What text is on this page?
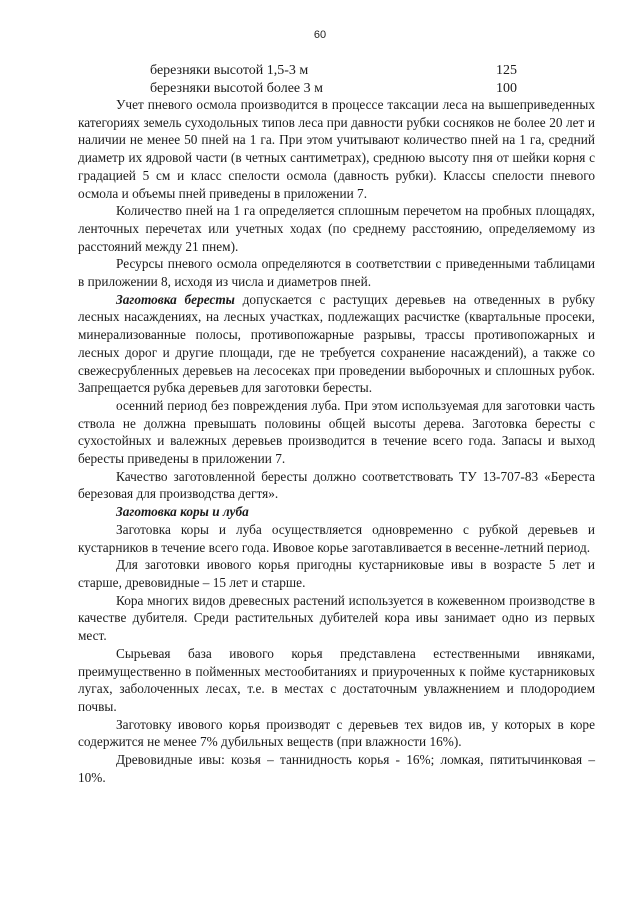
60
березняки высотой 1,5-3 м	125
березняки высотой более 3 м	100

Учет пневого осмола производится в процессе таксации леса на вышеприведенных категориях земель суходольных типов леса при давности рубки сосняков не более 20 лет и наличии не менее 50 пней на 1 га. При этом учитывают количество пней на 1 га, средний диаметр их ядровой части (в четных сантиметрах), среднюю высоту пня от шейки корня с градацией 5 см и класс спелости осмола (давность рубки). Классы спелости пневого осмола и объемы пней приведены в приложении 7.

Количество пней на 1 га определяется сплошным перечетом на пробных площадях, ленточных перечетах или учетных ходах (по среднему расстоянию, определяемому из расстояний между 21 пнем).

Ресурсы пневого осмола определяются в соответствии с приведенными таблицами в приложении 8, исходя из числа и диаметров пней.

Заготовка бересты допускается с растущих деревьев на отведенных в рубку лесных насаждениях, на лесных участках, подлежащих расчистке (квартальные просеки, минерализованные полосы, противопожарные разрывы, трассы противопожарных и лесных дорог и другие площади, где не требуется сохранение насаждений), а также со свежесрубленных деревьев на лесосеках при проведении выборочных и сплошных рубок. Запрещается рубка деревьев для заготовки бересты.

осенний период без повреждения луба. При этом используемая для заготовки часть ствола не должна превышать половины общей высоты дерева. Заготовка бересты с сухостойных и валежных деревьев производится в течение всего года. Запасы и выход бересты приведены в приложении 7.

Качество заготовленной бересты должно соответствовать ТУ 13-707-83 «Береста березовая для производства дегтя».

Заготовка коры и луба

Заготовка коры и луба осуществляется одновременно с рубкой деревьев и кустарников в течение всего года. Ивовое корье заготавливается в весенне-летний период.

Для заготовки ивового корья пригодны кустарниковые ивы в возрасте 5 лет и старше, древовидные – 15 лет и старше.

Кора многих видов древесных растений используется в кожевенном производстве в качестве дубителя. Среди растительных дубителей кора ивы занимает одно из первых мест.

Сырьевая база ивового корья представлена естественными ивняками, преимущественно в пойменных местообитаниях и приуроченных к пойме кустарниковых лугах, заболоченных лесах, т.е. в местах с достаточным увлажнением и плодородием почвы.

Заготовку ивового корья производят с деревьев тех видов ив, у которых в коре содержится не менее 7% дубильных веществ (при влажности 16%).

Древовидные ивы: козья – таннидность корья - 16%; ломкая, пятитычинковая – 10%.
